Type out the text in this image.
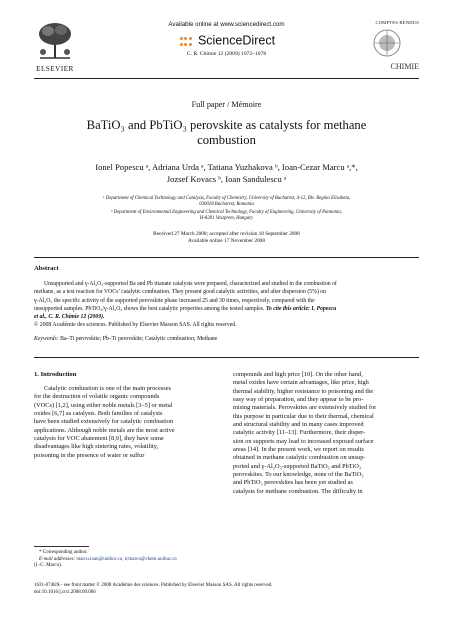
ELSEVIER
Available online at www.sciencedirect.com

ScienceDirect
C. R. Chimie 12 (2009) 1072–1078
COMPTES RENDUS
CHIMIE
Full paper / Mémoire
BaTiO₃ and PbTiO₃ perovskite as catalysts for methane
combustion
Ionel Popescu ᵃ, Adriana Urda ᵃ, Tatiana Yuzhakova ᵇ, Ioan-Cezar Marcu ᵃ,*,
Jozsef Kovacs ᵇ, Ioan Sandulescu ᵃ
ᵃ Department of Chemical Technology and Catalysis, Faculty of Chemistry, University of Bucharest, 4-12, Blv. Regina Elisabeta,
030018 Bucharest, Romania
ᵇ Department of Environmental Engineering and Chemical Technology, Faculty of Engineering, University of Pannonia,
H-8201 Veszprem, Hungary
Received 27 March 2008; accepted after revision 18 September 2008
Available online 17 November 2008
Abstract
Unsupported and γ-Al₂O₃-supported Ba and Pb titanate catalysts were prepared, characterized and studied in the combustion of
methane, as a test reaction for VOCs’ catalytic combustion. They present good catalytic activities, and after dispersion (5%) on
γ-Al₂O₃ the specific activity of the supported perovskite phase increased 25 and 30 times, respectively, compared with the
unsupported samples. PbTiO₃/γ-Al₂O₃ shows the best catalytic properties among the tested samples. To cite this article: I. Popescu
et al., C. R. Chimie 12 (2009).
© 2008 Académie des sciences. Published by Elsevier Masson SAS. All rights reserved.
Keywords: Ba–Ti perovskite; Pb–Ti perovskite; Catalytic combustion; Methane
1. Introduction
Catalytic combustion is one of the main processes
for the destruction of volatile organic compounds
(VOCs) [1,2], using either noble metals [3–5] or metal
oxides [6,7] as catalysts. Both families of catalysts
have been studied extensively for catalytic combustion
applications. Although noble metals are the most active
catalysts for VOC abatement [8,9], they have some
disadvantages like high sintering rates, volatility,
poisoning in the presence of water or sulfur
* Corresponding author.
E-mail addresses: marcu.ioan@unibuc.ro, icmarcu@chem.unibuc.ro
(I.-C. Marcu).
compounds and high price [10]. On the other hand,
metal oxides have certain advantages, like price, high
thermal stability, higher resistance to poisoning and the
easy way of preparation, and they appear to be pro-
mising materials. Perovskites are extensively studied for
this purpose in particular due to their thermal, chemical
and structural stability and in many cases improved
catalytic activity [11–13]. Furthermore, their disper-
sion on supports may lead to increased exposed surface
areas [14]. In the present work, we report on results
obtained in methane catalytic combustion on unsup-
ported and γ-Al₂O₃-supported BaTiO₃ and PbTiO₃
perovskites. To our knowledge, none of the BaTiO₃
and PbTiO₃ perovskites has been yet studied as
catalysts for methane combustion. The difficulty in
1631-0748/$ - see front matter © 2008 Académie des sciences. Published by Elsevier Masson SAS. All rights reserved.
doi:10.1016/j.crci.2008.09.006
